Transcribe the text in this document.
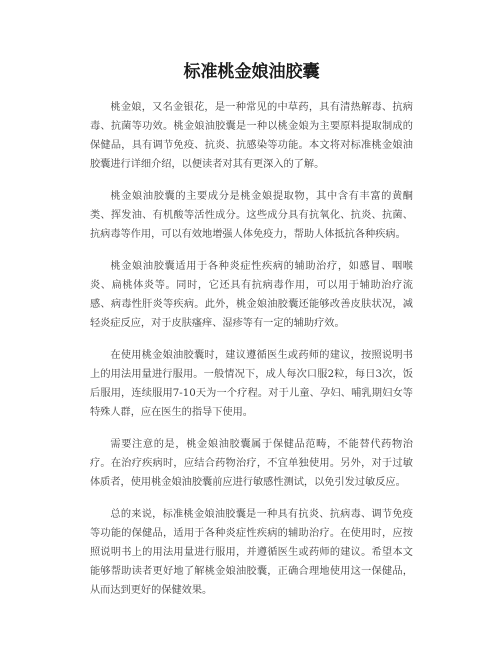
标准桃金娘油胶囊

桃金娘，又名金银花，是一种常见的中草药，具有清热解毒、抗病毒、抗菌等功效。桃金娘油胶囊是一种以桃金娘为主要原料提取制成的保健品，具有调节免疫、抗炎、抗感染等功能。本文将对标准桃金娘油胶囊进行详细介绍，以便读者对其有更深入的了解。

桃金娘油胶囊的主要成分是桃金娘提取物，其中含有丰富的黄酮类、挥发油、有机酸等活性成分。这些成分具有抗氧化、抗炎、抗菌、抗病毒等作用，可以有效地增强人体免疫力，帮助人体抵抗各种疾病。

桃金娘油胶囊适用于各种炎症性疾病的辅助治疗，如感冒、咽喉炎、扁桃体炎等。同时，它还具有抗病毒作用，可以用于辅助治疗流感、病毒性肝炎等疾病。此外，桃金娘油胶囊还能够改善皮肤状况，减轻炎症反应，对于皮肤瘙痒、湿疹等有一定的辅助疗效。

在使用桃金娘油胶囊时，建议遵循医生或药师的建议，按照说明书上的用法用量进行服用。一般情况下，成人每次口服2粒，每日3次，饭后服用，连续服用7-10天为一个疗程。对于儿童、孕妇、哺乳期妇女等特殊人群，应在医生的指导下使用。

需要注意的是，桃金娘油胶囊属于保健品范畴，不能替代药物治疗。在治疗疾病时，应结合药物治疗，不宜单独使用。另外，对于过敏体质者，使用桃金娘油胶囊前应进行敏感性测试，以免引发过敏反应。

总的来说，标准桃金娘油胶囊是一种具有抗炎、抗病毒、调节免疫等功能的保健品，适用于各种炎症性疾病的辅助治疗。在使用时，应按照说明书上的用法用量进行服用，并遵循医生或药师的建议。希望本文能够帮助读者更好地了解桃金娘油胶囊，正确合理地使用这一保健品，从而达到更好的保健效果。
